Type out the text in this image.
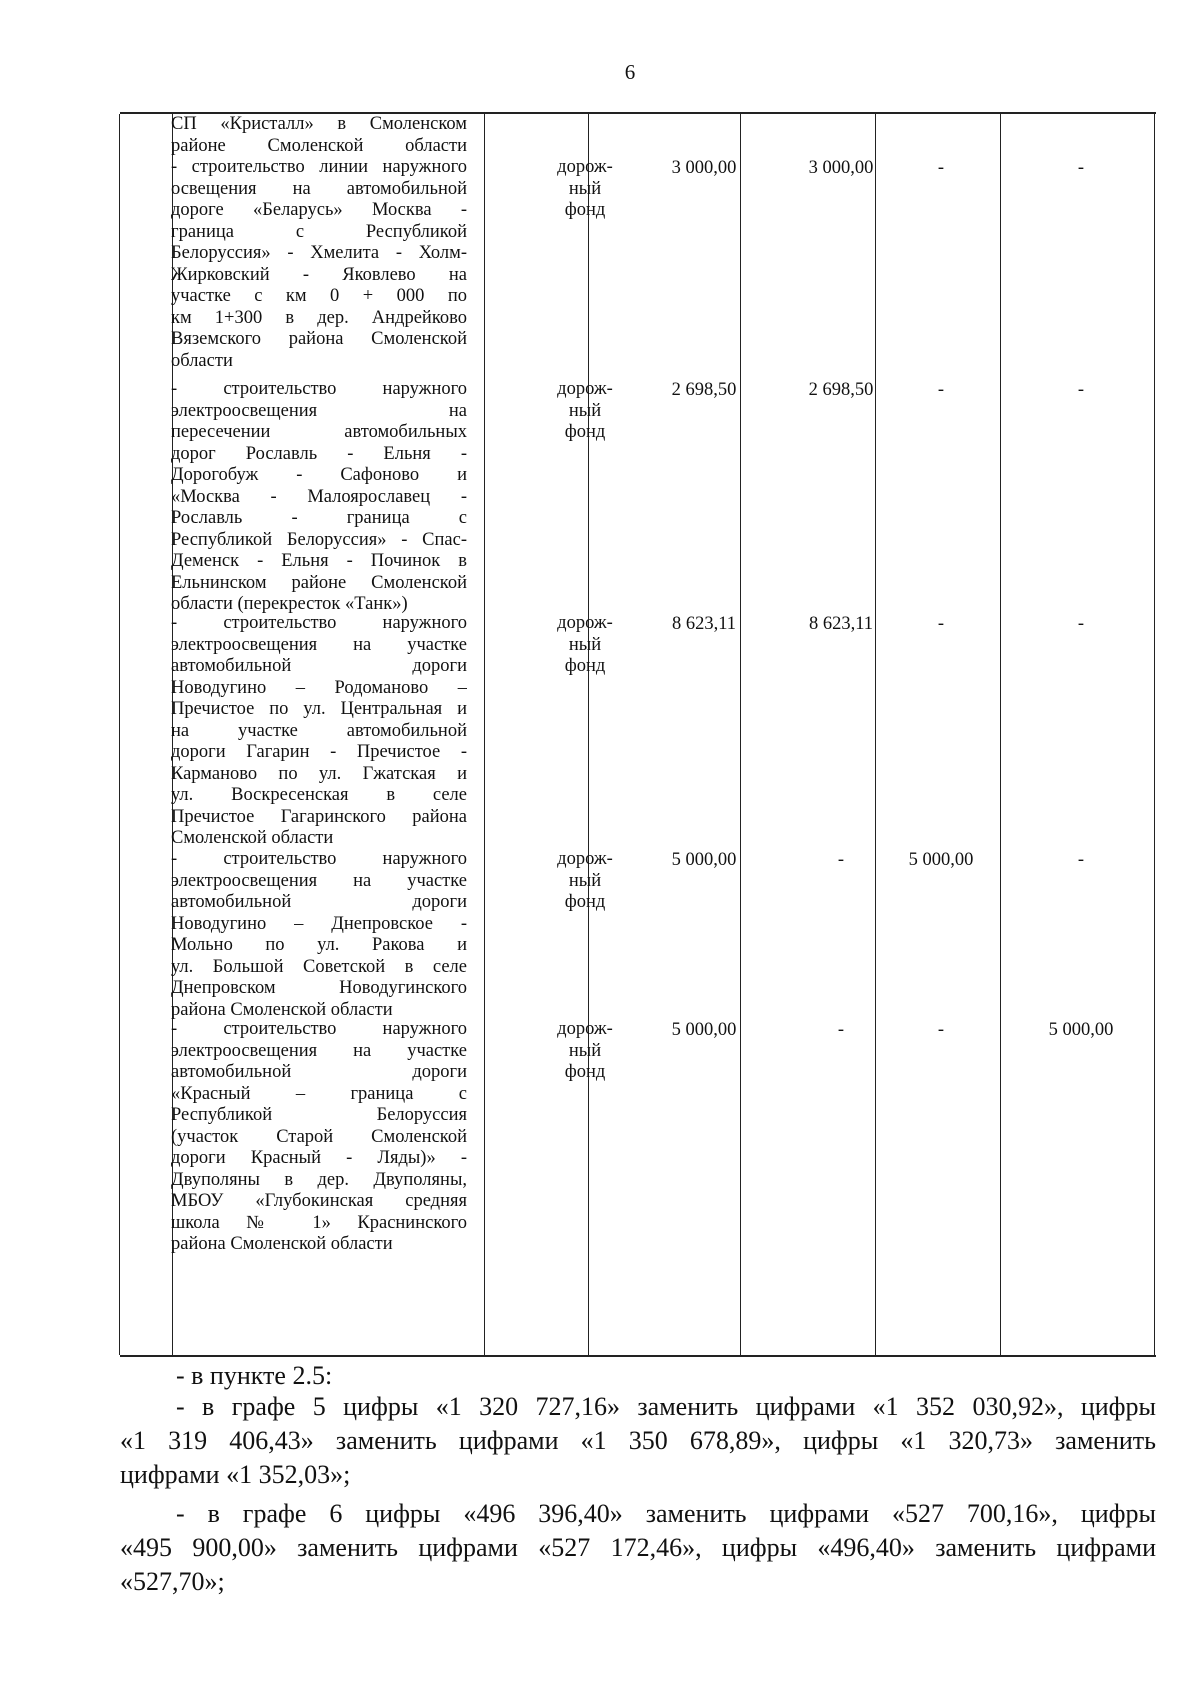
6
СП «Кристалл» в Смоленском
районе Смоленской области
- строительство линии наружного
освещения на автомобильной
дороге «Беларусь» Москва -
граница с Республикой
Белоруссия» - Хмелита - Холм-
Жирковский - Яковлево на
участке с км 0 + 000 по
км 1+300 в дер. Андрейково
Вяземского района Смоленской
области
дорож-
ный
фонд
3 000,00	3 000,00	-	-
- строительство наружного
электроосвещения на
пересечении автомобильных
дорог Рославль - Ельня -
Дорогобуж - Сафоново и
«Москва - Малоярославец -
Рославль - граница с
Республикой Белоруссия» - Спас-
Деменск - Ельня - Починок в
Ельнинском районе Смоленской
области (перекресток «Танк»)
дорож-
ный
фонд
2 698,50	2 698,50	-	-
- строительство наружного
электроосвещения на участке
автомобильной дороги
Новодугино – Родоманово –
Пречистое по ул. Центральная и
на участке автомобильной
дороги Гагарин - Пречистое -
Карманово по ул. Гжатская и
ул. Воскресенская в селе
Пречистое Гагаринского района
Смоленской области
дорож-
ный
фонд
8 623,11	8 623,11	-	-
- строительство наружного
электроосвещения на участке
автомобильной дороги
Новодугино – Днепровское -
Мольно по ул. Ракова и
ул. Большой Советской в селе
Днепровском Новодугинского
района Смоленской области
дорож-
ный
фонд
5 000,00	-	5 000,00	-
- строительство наружного
электроосвещения на участке
автомобильной дороги
«Красный – граница с
Республикой Белоруссия
(участок Старой Смоленской
дороги Красный - Ляды)» -
Двуполяны в дер. Двуполяны,
МБОУ «Глубокинская средняя
школа № 1» Краснинского
района Смоленской области
дорож-
ный
фонд
5 000,00	-	-	5 000,00
- в пункте 2.5:
- в графе 5 цифры «1 320 727,16» заменить цифрами «1 352 030,92», цифры
«1 319 406,43» заменить цифрами «1 350 678,89», цифры «1 320,73» заменить
цифрами «1 352,03»;
- в графе 6 цифры «496 396,40» заменить цифрами «527 700,16», цифры
«495 900,00» заменить цифрами «527 172,46», цифры «496,40» заменить цифрами
«527,70»;
